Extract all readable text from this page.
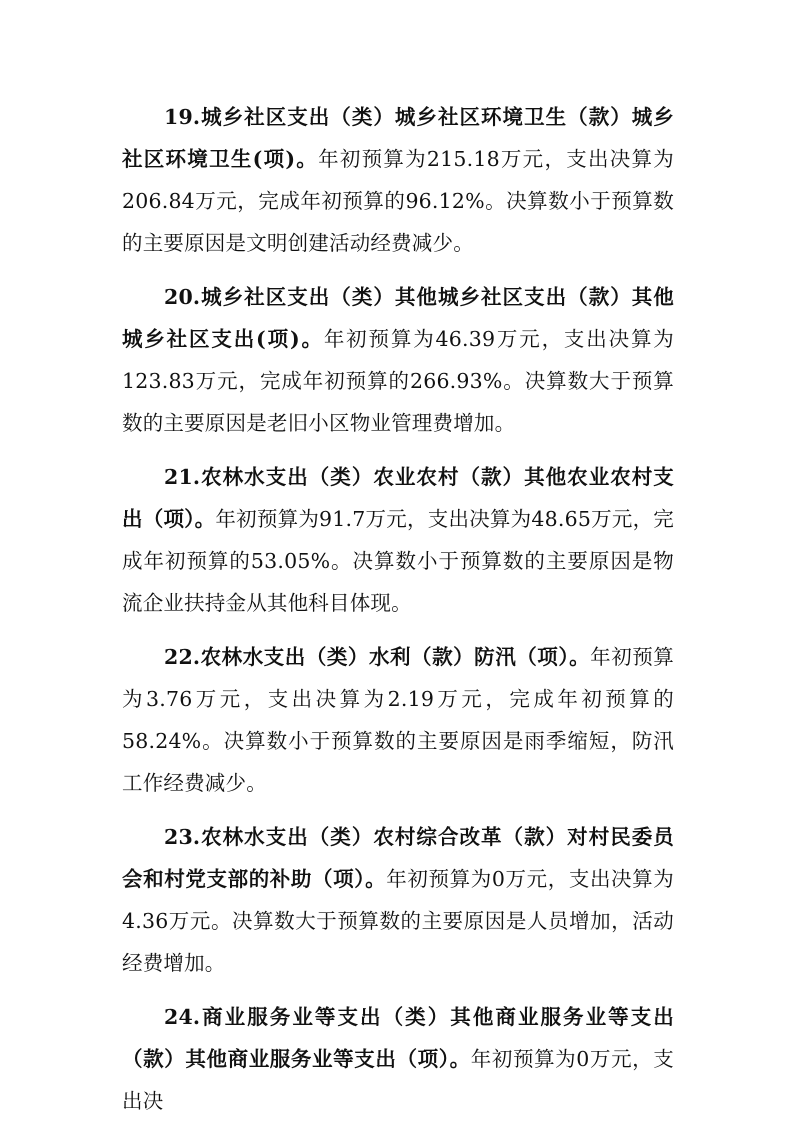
19.城乡社区支出（类）城乡社区环境卫生（款）城乡社区环境卫生(项)。年初预算为215.18万元，支出决算为206.84万元，完成年初预算的96.12%。决算数小于预算数的主要原因是文明创建活动经费减少。

20.城乡社区支出（类）其他城乡社区支出（款）其他城乡社区支出(项)。年初预算为46.39万元，支出决算为123.83万元，完成年初预算的266.93%。决算数大于预算数的主要原因是老旧小区物业管理费增加。

21.农林水支出（类）农业农村（款）其他农业农村支出（项）。年初预算为91.7万元，支出决算为48.65万元，完成年初预算的53.05%。决算数小于预算数的主要原因是物流企业扶持金从其他科目体现。

22.农林水支出（类）水利（款）防汛（项）。年初预算为3.76万元，支出决算为2.19万元，完成年初预算的58.24%。决算数小于预算数的主要原因是雨季缩短，防汛工作经费减少。

23.农林水支出（类）农村综合改革（款）对村民委员会和村党支部的补助（项）。年初预算为0万元，支出决算为4.36万元。决算数大于预算数的主要原因是人员增加，活动经费增加。

24.商业服务业等支出（类）其他商业服务业等支出（款）其他商业服务业等支出（项）。年初预算为0万元，支出决
